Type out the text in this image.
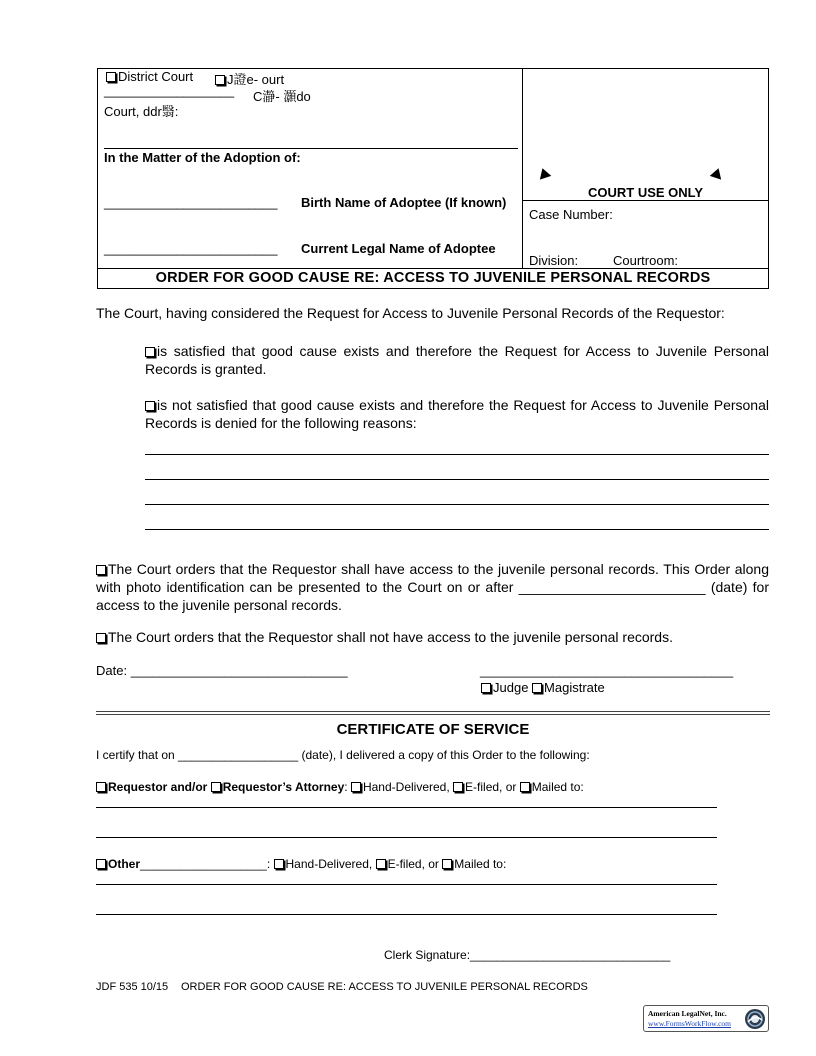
District Court	J證e- ourt
__________________ C瀞- 灝do
Court, ddr翳:
In the Matter of the Adoption of:
________________________ Birth Name of Adoptee (If known)
________________________ Current Legal Name of Adoptee
COURT USE ONLY
Case Number:
Division:	Courtroom:
ORDER FOR GOOD CAUSE RE: ACCESS TO JUVENILE PERSONAL RECORDS
The Court, having considered the Request for Access to Juvenile Personal Records of the Requestor:
is satisfied that good cause exists and therefore the Request for Access to Juvenile Personal Records is granted.
is not satisfied that good cause exists and therefore the Request for Access to Juvenile Personal Records is denied for the following reasons:
The Court orders that the Requestor shall have access to the juvenile personal records. This Order along with photo identification can be presented to the Court on or after ________________________ (date) for access to the juvenile personal records.
The Court orders that the Requestor shall not have access to the juvenile personal records.
Date: ______________________________	___________________________________
Judge Magistrate
CERTIFICATE OF SERVICE
I certify that on __________________ (date), I delivered a copy of this Order to the following:
Requestor and/or Requestor’s Attorney: Hand-Delivered, E-filed, or Mailed to:
Other___________________: Hand-Delivered, E-filed, or Mailed to:
Clerk Signature:______________________________
JDF 535 10/15 ORDER FOR GOOD CAUSE RE: ACCESS TO JUVENILE PERSONAL RECORDS
American LegalNet, Inc.
www.FormsWorkFlow.com
